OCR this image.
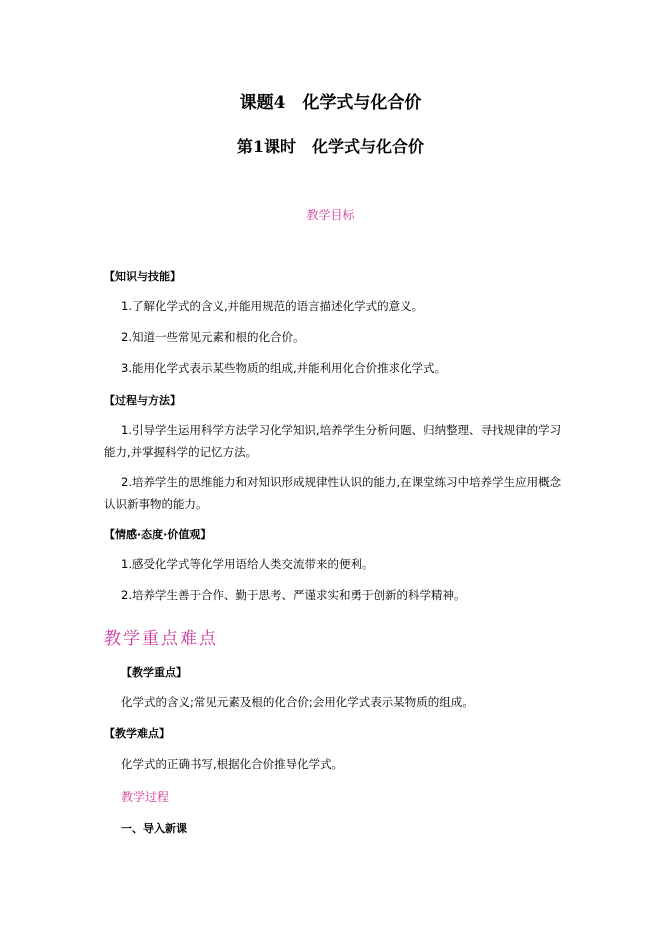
课题4　化学式与化合价
第1课时　化学式与化合价
教学目标
【知识与技能】
1.了解化学式的含义,并能用规范的语言描述化学式的意义。
2.知道一些常见元素和根的化合价。
3.能用化学式表示某些物质的组成,并能利用化合价推求化学式。
【过程与方法】
1.引导学生运用科学方法学习化学知识,培养学生分析问题、归纳整理、寻找规律的学习能力,并掌握科学的记忆方法。
2.培养学生的思维能力和对知识形成规律性认识的能力,在课堂练习中培养学生应用概念认识新事物的能力。
【情感·态度·价值观】
1.感受化学式等化学用语给人类交流带来的便利。
2.培养学生善于合作、勤于思考、严谨求实和勇于创新的科学精神。
教学重点难点
【教学重点】
化学式的含义;常见元素及根的化合价;会用化学式表示某物质的组成。
【教学难点】
化学式的正确书写,根据化合价推导化学式。
教学过程
一、导入新课
